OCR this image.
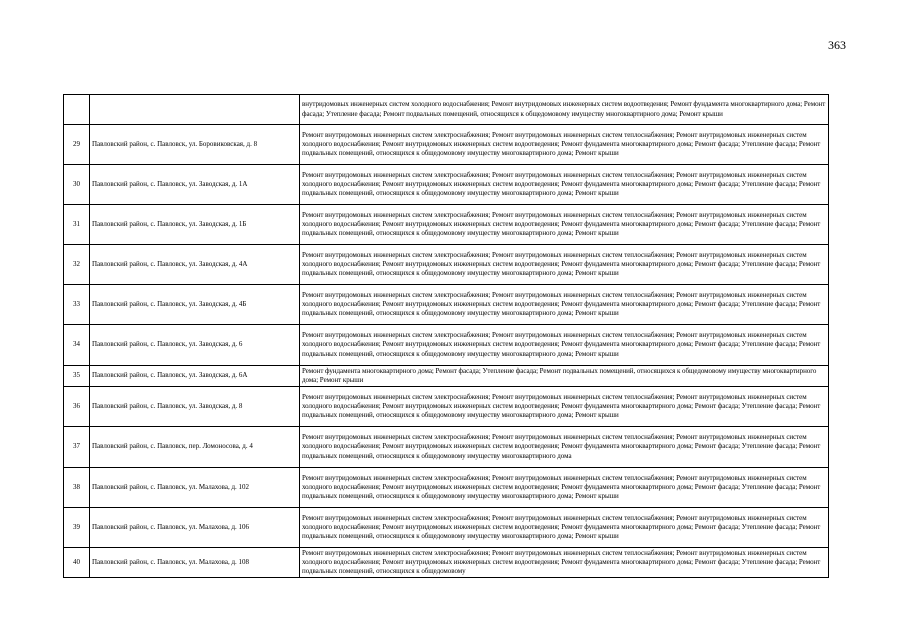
363
		внутридомовых инженерных систем холодного водоснабжения; Ремонт внутридомовых инженерных систем водоотведения; Ремонт фундамента многоквартирного дома; Ремонт фасада; Утепление фасада; Ремонт подвальных помещений, относящихся к общедомовому имуществу многоквартирного дома; Ремонт крыши
29	Павловский район, с. Павловск, ул. Боровиковская, д. 8	Ремонт внутридомовых инженерных систем электроснабжения; Ремонт внутридомовых инженерных систем теплоснабжения; Ремонт внутридомовых инженерных систем холодного водоснабжения; Ремонт внутридомовых инженерных систем водоотведения; Ремонт фундамента многоквартирного дома; Ремонт фасада; Утепление фасада; Ремонт подвальных помещений, относящихся к общедомовому имуществу многоквартирного дома; Ремонт крыши
30	Павловский район, с. Павловск, ул. Заводская, д. 1А	Ремонт внутридомовых инженерных систем электроснабжения; Ремонт внутридомовых инженерных систем теплоснабжения; Ремонт внутридомовых инженерных систем холодного водоснабжения; Ремонт внутридомовых инженерных систем водоотведения; Ремонт фундамента многоквартирного дома; Ремонт фасада; Утепление фасада; Ремонт подвальных помещений, относящихся к общедомовому имуществу многоквартирного дома; Ремонт крыши
31	Павловский район, с. Павловск, ул. Заводская, д. 1Б	Ремонт внутридомовых инженерных систем электроснабжения; Ремонт внутридомовых инженерных систем теплоснабжения; Ремонт внутридомовых инженерных систем холодного водоснабжения; Ремонт внутридомовых инженерных систем водоотведения; Ремонт фундамента многоквартирного дома; Ремонт фасада; Утепление фасада; Ремонт подвальных помещений, относящихся к общедомовому имуществу многоквартирного дома; Ремонт крыши
32	Павловский район, с. Павловск, ул. Заводская, д. 4А	Ремонт внутридомовых инженерных систем электроснабжения; Ремонт внутридомовых инженерных систем теплоснабжения; Ремонт внутридомовых инженерных систем холодного водоснабжения; Ремонт внутридомовых инженерных систем водоотведения; Ремонт фундамента многоквартирного дома; Ремонт фасада; Утепление фасада; Ремонт подвальных помещений, относящихся к общедомовому имуществу многоквартирного дома; Ремонт крыши
33	Павловский район, с. Павловск, ул. Заводская, д. 4Б	Ремонт внутридомовых инженерных систем электроснабжения; Ремонт внутридомовых инженерных систем теплоснабжения; Ремонт внутридомовых инженерных систем холодного водоснабжения; Ремонт внутридомовых инженерных систем водоотведения; Ремонт фундамента многоквартирного дома; Ремонт фасада; Утепление фасада; Ремонт подвальных помещений, относящихся к общедомовому имуществу многоквартирного дома; Ремонт крыши
34	Павловский район, с. Павловск, ул. Заводская, д. 6	Ремонт внутридомовых инженерных систем электроснабжения; Ремонт внутридомовых инженерных систем теплоснабжения; Ремонт внутридомовых инженерных систем холодного водоснабжения; Ремонт внутридомовых инженерных систем водоотведения; Ремонт фундамента многоквартирного дома; Ремонт фасада; Утепление фасада; Ремонт подвальных помещений, относящихся к общедомовому имуществу многоквартирного дома; Ремонт крыши
35	Павловский район, с. Павловск, ул. Заводская, д. 6А	Ремонт фундамента многоквартирного дома; Ремонт фасада; Утепление фасада; Ремонт подвальных помещений, относящихся к общедомовому имуществу многоквартирного дома; Ремонт крыши
36	Павловский район, с. Павловск, ул. Заводская, д. 8	Ремонт внутридомовых инженерных систем электроснабжения; Ремонт внутридомовых инженерных систем теплоснабжения; Ремонт внутридомовых инженерных систем холодного водоснабжения; Ремонт внутридомовых инженерных систем водоотведения; Ремонт фундамента многоквартирного дома; Ремонт фасада; Утепление фасада; Ремонт подвальных помещений, относящихся к общедомовому имуществу многоквартирного дома; Ремонт крыши
37	Павловский район, с. Павловск, пер. Ломоносова, д. 4	Ремонт внутридомовых инженерных систем электроснабжения; Ремонт внутридомовых инженерных систем теплоснабжения; Ремонт внутридомовых инженерных систем холодного водоснабжения; Ремонт внутридомовых инженерных систем водоотведения; Ремонт фундамента многоквартирного дома; Ремонт фасада; Утепление фасада; Ремонт подвальных помещений, относящихся к общедомовому имуществу многоквартирного дома
38	Павловский район, с. Павловск, ул. Малахова, д. 102	Ремонт внутридомовых инженерных систем электроснабжения; Ремонт внутридомовых инженерных систем теплоснабжения; Ремонт внутридомовых инженерных систем холодного водоснабжения; Ремонт внутридомовых инженерных систем водоотведения; Ремонт фундамента многоквартирного дома; Ремонт фасада; Утепление фасада; Ремонт подвальных помещений, относящихся к общедомовому имуществу многоквартирного дома; Ремонт крыши
39	Павловский район, с. Павловск, ул. Малахова, д. 106	Ремонт внутридомовых инженерных систем электроснабжения; Ремонт внутридомовых инженерных систем теплоснабжения; Ремонт внутридомовых инженерных систем холодного водоснабжения; Ремонт внутридомовых инженерных систем водоотведения; Ремонт фундамента многоквартирного дома; Ремонт фасада; Утепление фасада; Ремонт подвальных помещений, относящихся к общедомовому имуществу многоквартирного дома; Ремонт крыши
40	Павловский район, с. Павловск, ул. Малахова, д. 108	Ремонт внутридомовых инженерных систем электроснабжения; Ремонт внутридомовых инженерных систем теплоснабжения; Ремонт внутридомовых инженерных систем холодного водоснабжения; Ремонт внутридомовых инженерных систем водоотведения; Ремонт фундамента многоквартирного дома; Ремонт фасада; Утепление фасада; Ремонт подвальных помещений, относящихся к общедомовому
